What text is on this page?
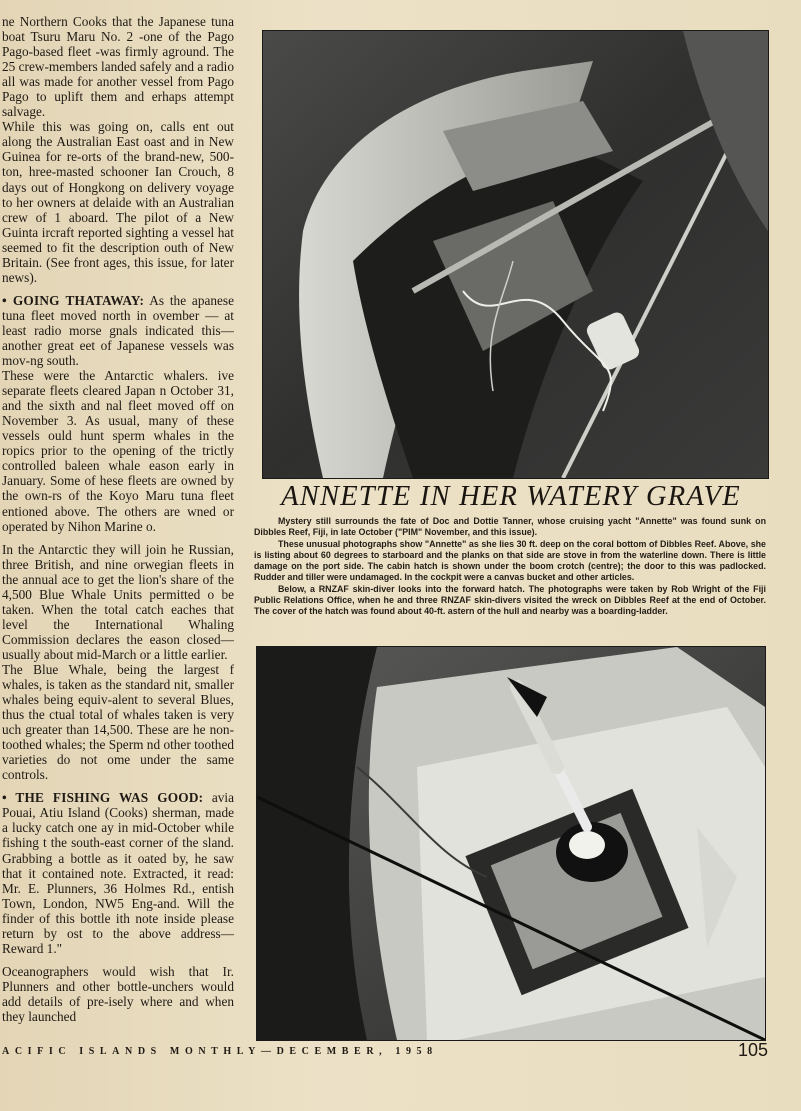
ne Northern Cooks that the Japanese tuna boat Tsuru Maru No. 2 -one of the Pago Pago-based fleet -was firmly aground. The 25 crew-members landed safely and a radio all was made for another vessel from Pago Pago to uplift them and erhaps attempt salvage.

While this was going on, calls ent out along the Australian East oast and in New Guinea for re-orts of the brand-new, 500-ton, hree-masted schooner Ian Crouch, 8 days out of Hongkong on delivery voyage to her owners at delaide with an Australian crew of 1 aboard. The pilot of a New Guinta ircraft reported sighting a vessel hat seemed to fit the description outh of New Britain. (See front ages, this issue, for later news).

• GOING THATAWAY: As the apanese tuna fleet moved north in ovember — at least radio morse gnals indicated this—another great eet of Japanese vessels was mov-ng south.

These were the Antarctic whalers. ive separate fleets cleared Japan n October 31, and the sixth and nal fleet moved off on November 3. As usual, many of these vessels ould hunt sperm whales in the ropics prior to the opening of the trictly controlled baleen whale eason early in January. Some of hese fleets are owned by the own-rs of the Koyo Maru tuna fleet entioned above. The others are wned or operated by Nihon Marine o.

In the Antarctic they will join he Russian, three British, and nine orwegian fleets in the annual ace to get the lion's share of the 4,500 Blue Whale Units permitted o be taken. When the total catch eaches that level the International Whaling Commission declares the eason closed—usually about mid-March or a little earlier.

The Blue Whale, being the largest f whales, is taken as the standard nit, smaller whales being equiv-alent to several Blues, thus the ctual total of whales taken is very uch greater than 14,500. These are he non-toothed whales; the Sperm nd other toothed varieties do not ome under the same controls.

• THE FISHING WAS GOOD: avia Pouai, Atiu Island (Cooks) sherman, made a lucky catch one ay in mid-October while fishing t the south-east corner of the sland. Grabbing a bottle as it oated by, he saw that it contained note. Extracted, it read: Mr. E. Plunners, 36 Holmes Rd., entish Town, London, NW5 Eng-and. Will the finder of this bottle ith note inside please return by ost to the above address—Reward 1."

Oceanographers would wish that Ir. Plunners and other bottle-unchers would add details of pre-isely where and when they launched

ANNETTE IN HER WATERY GRAVE

Mystery still surrounds the fate of Doc and Dottie Tanner, whose cruising yacht "Annette" was found sunk on Dibbles Reef, Fiji, in late October ("PIM" November, and this issue).

These unusual photographs show "Annette" as she lies 30 ft. deep on the coral bottom of Dibbles Reef. Above, she is listing about 60 degrees to starboard and the planks on that side are stove in from the waterline down. There is little damage on the port side. The cabin hatch is shown under the boom crotch (centre); the door to this was padlocked. Rudder and tiller were undamaged. In the cockpit were a canvas bucket and other articles.

Below, a RNZAF skin-diver looks into the forward hatch. The photographs were taken by Rob Wright of the Fiji Public Relations Office, when he and three RNZAF skin-divers visited the wreck on Dibbles Reef at the end of October. The cover of the hatch was found about 40-ft. astern of the hull and nearby was a boarding-ladder.

ACIFIC ISLANDS MONTHLY—DECEMBER, 1958	105
